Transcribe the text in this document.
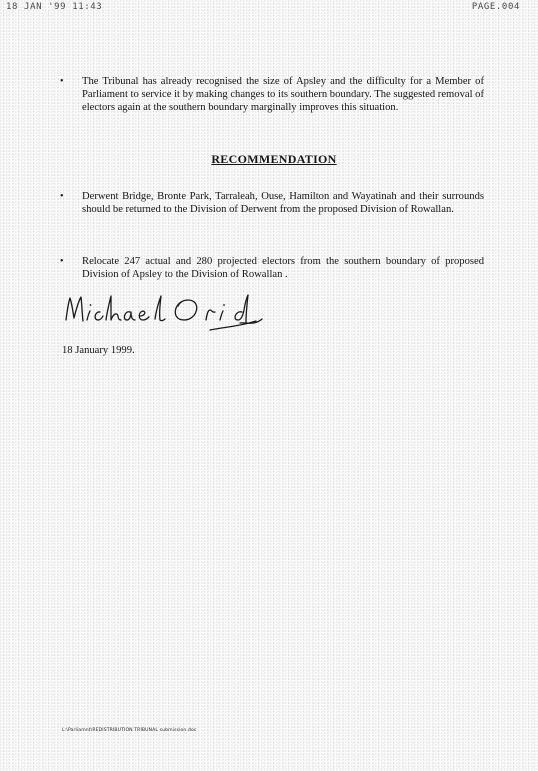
18 JAN '99 11:43	PAGE.004
•	The Tribunal has already recognised the size of Apsley and the difficulty for a Member of Parliament to service it by making changes to its southern boundary. The suggested removal of electors again at the southern boundary marginally improves this situation.
RECOMMENDATION
•	Derwent Bridge, Bronte Park, Tarraleah, Ouse, Hamilton and Wayatinah and their surrounds should be returned to the Division of Derwent from the proposed Division of Rowallan.
•	Relocate 247 actual and 280 projected electors from the southern boundary of proposed Division of Apsley to the Division of Rowallan .
18 January 1999.
L:\Parliamnt\REDISTRIBUTION TRIBUNAL submission.doc
